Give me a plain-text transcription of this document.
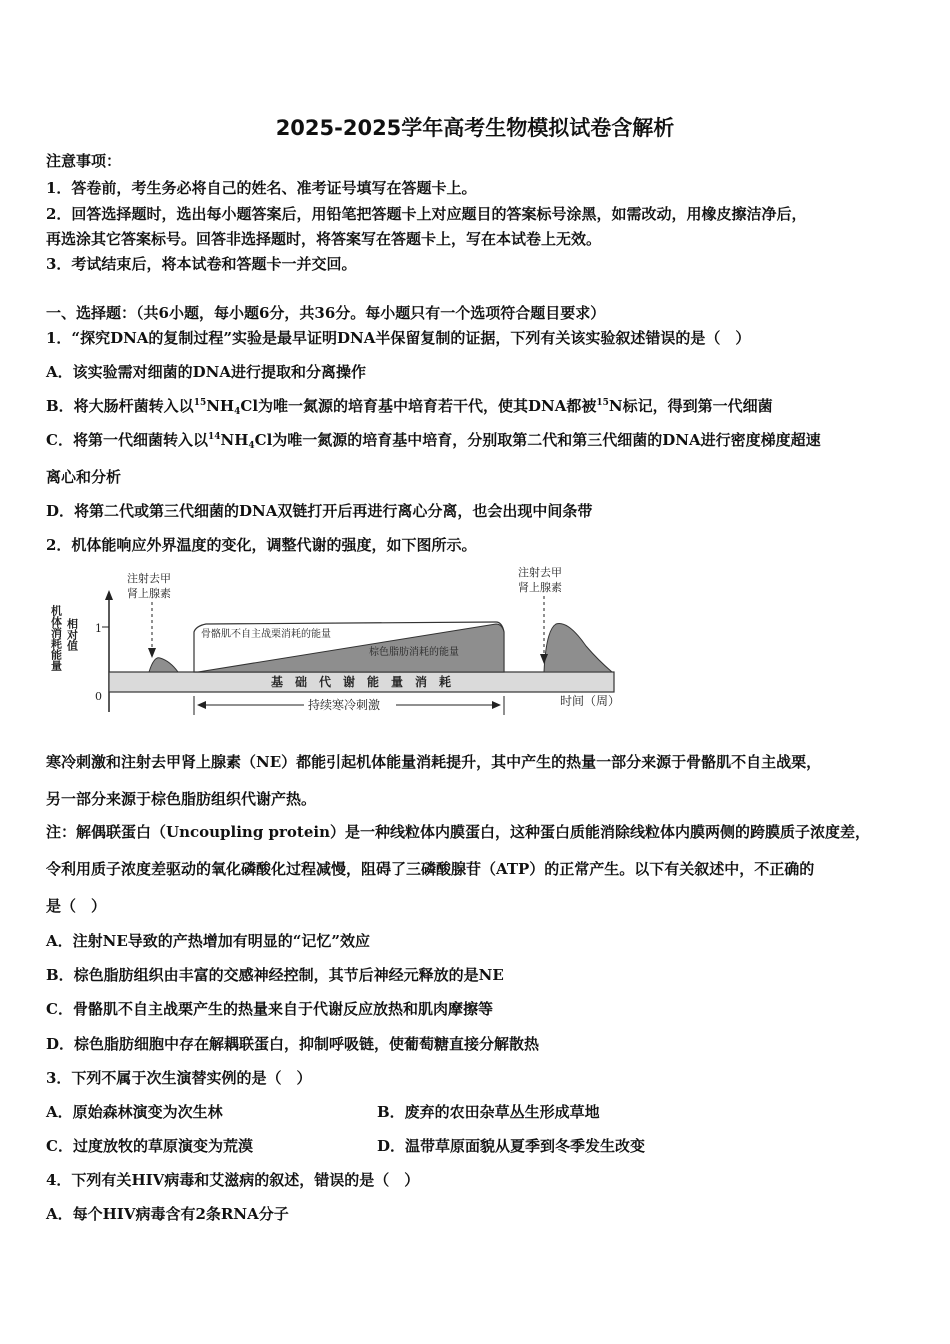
2025-2025学年高考生物模拟试卷含解析
注意事项：
1．答卷前，考生务必将自己的姓名、准考证号填写在答题卡上。
2．回答选择题时，选出每小题答案后，用铅笔把答题卡上对应题目的答案标号涂黑，如需改动，用橡皮擦洁净后，
再选涂其它答案标号。回答非选择题时，将答案写在答题卡上，写在本试卷上无效。
3．考试结束后，将本试卷和答题卡一并交回。
一、选择题：（共6小题，每小题6分，共36分。每小题只有一个选项符合题目要求）
1．“探究DNA的复制过程”实验是最早证明DNA半保留复制的证据，下列有关该实验叙述错误的是（　）
A．该实验需对细菌的DNA进行提取和分离操作
B．将大肠杆菌转入以$^{15}NH_4Cl$为唯一氮源的培育基中培育若干代，使其DNA都被$^{15}$N标记，得到第一代细菌
C．将第一代细菌转入以$^{14}NH_4Cl$为唯一氮源的培育基中培育，分别取第二代和第三代细菌的DNA进行密度梯度超速
离心和分析
D．将第二代或第三代细菌的DNA双链打开后再进行离心分离，也会出现中间条带
2．机体能响应外界温度的变化，调整代谢的强度，如下图所示。
机体消耗能量 相对值 1
0
基　础　代　谢　能　量　消　耗
骨骼肌不自主战栗消耗的能量
棕色脂肪消耗的能量
注射去甲
肾上腺素
注射去甲
肾上腺素
持续寒冷刺激	时间（周）
寒冷刺激和注射去甲肾上腺素（NE）都能引起机体能量消耗提升，其中产生的热量一部分来源于骨骼肌不自主战栗，
另一部分来源于棕色脂肪组织代谢产热。
注：解偶联蛋白（Uncoupling protein）是一种线粒体内膜蛋白，这种蛋白质能消除线粒体内膜两侧的跨膜质子浓度差，
令利用质子浓度差驱动的氧化磷酸化过程减慢，阻碍了三磷酸腺苷（ATP）的正常产生。以下有关叙述中，不正确的
是（　）
A．注射NE导致的产热增加有明显的“记忆”效应
B．棕色脂肪组织由丰富的交感神经控制，其节后神经元释放的是NE
C．骨骼肌不自主战栗产生的热量来自于代谢反应放热和肌肉摩擦等
D．棕色脂肪细胞中存在解耦联蛋白，抑制呼吸链，使葡萄糖直接分解散热
3．下列不属于次生演替实例的是（　）
A．原始森林演变为次生林	B．废弃的农田杂草丛生形成草地
C．过度放牧的草原演变为荒漠	D．温带草原面貌从夏季到冬季发生改变
4．下列有关HIV病毒和艾滋病的叙述，错误的是（　）
A．每个HIV病毒含有2条RNA分子
